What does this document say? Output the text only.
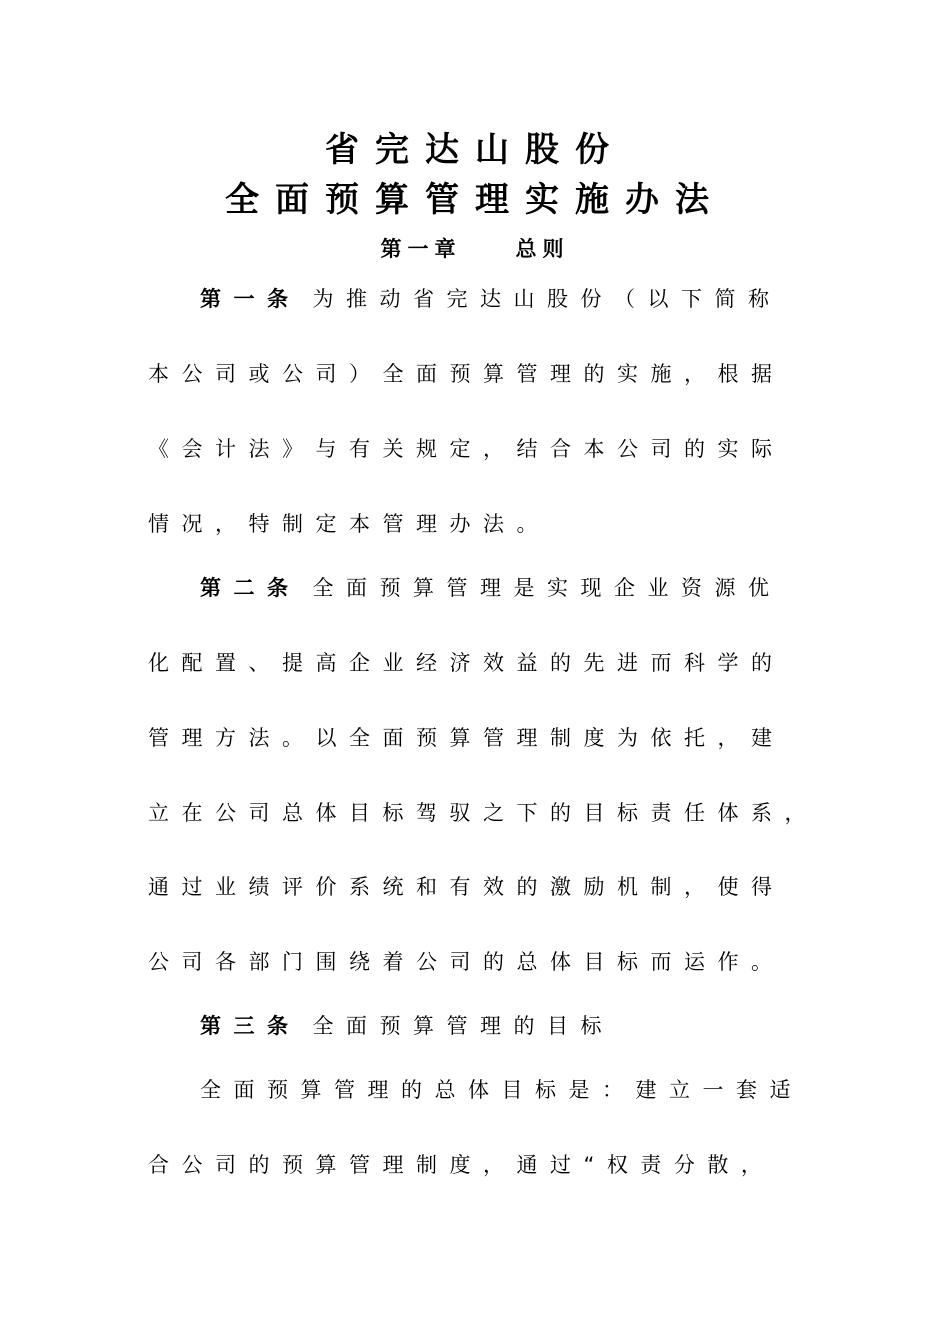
省完达山股份
全面预算管理实施办法
第一章	总则

第一条 为推动省完达山股份（以下简称

本公司或公司）全面预算管理的实施，根据

《会计法》与有关规定，结合本公司的实际

情况，特制定本管理办法。

第二条 全面预算管理是实现企业资源优

化配置、提高企业经济效益的先进而科学的

管理方法。以全面预算管理制度为依托，建

立在公司总体目标驾驭之下的目标责任体系，

通过业绩评价系统和有效的激励机制，使得

公司各部门围绕着公司的总体目标而运作。

第三条 全面预算管理的目标

全面预算管理的总体目标是：建立一套适

合公司的预算管理制度，通过“权责分散，
